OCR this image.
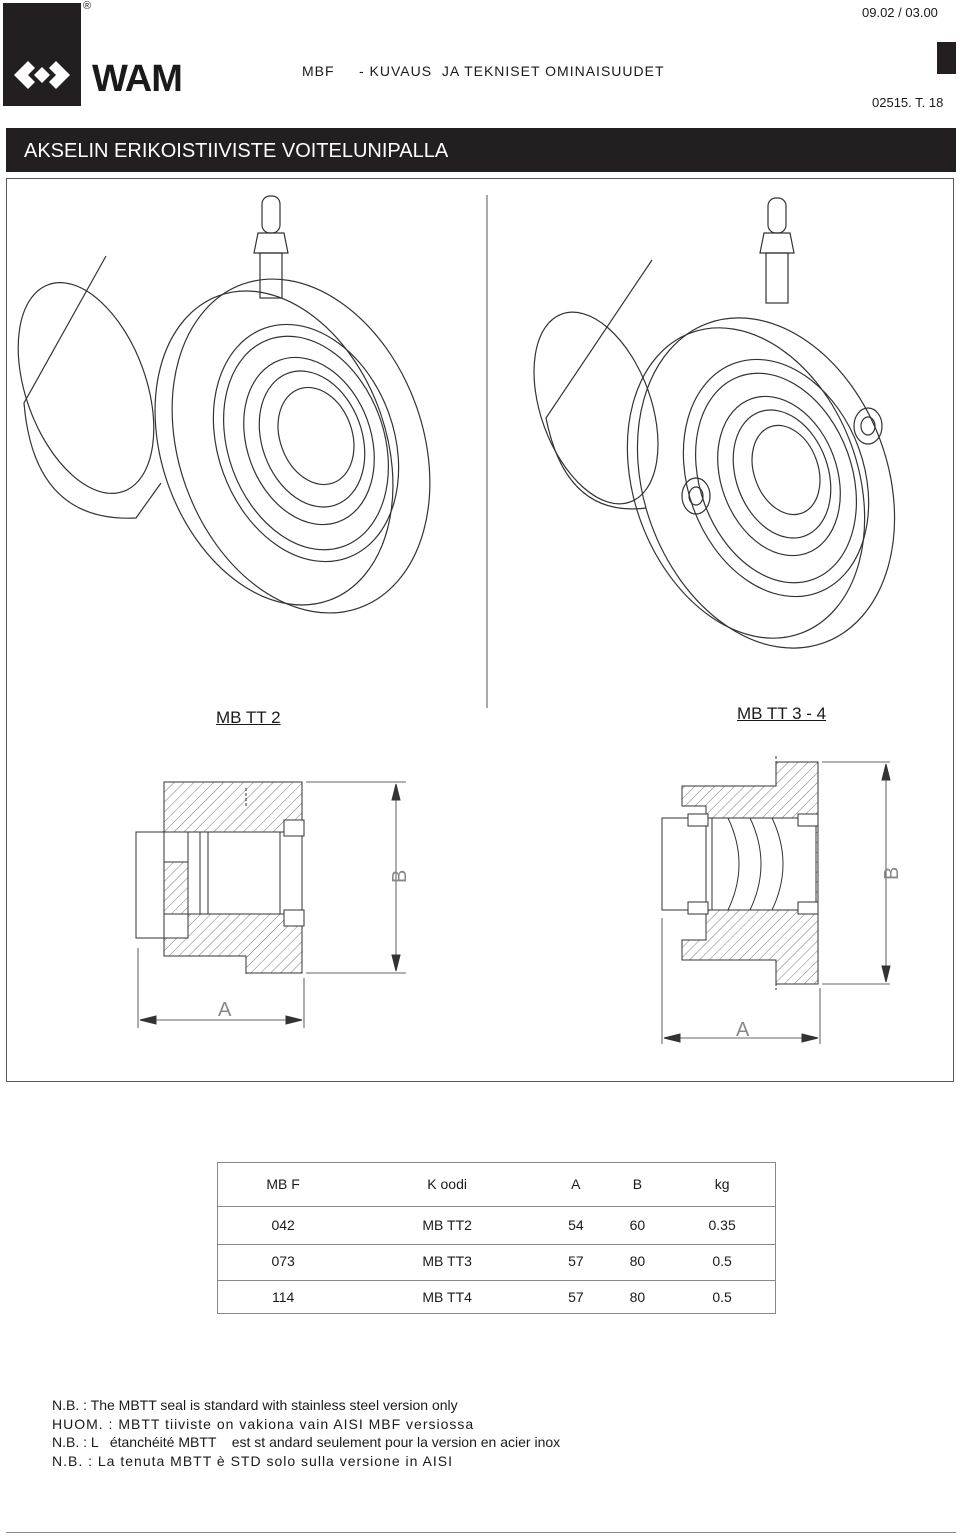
®
WAM
09.02 / 03.00
MBF     - KUVAUS  JA TEKNISET OMINAISUUDET
02515. T. 18
AKSELIN ERIKOISTIIVISTE VOITELUNIPALLA
A
B
A
B
MB TT 2	MB TT 3 - 4
MB F	K oodi	A	B	kg
042	MB TT2	54	60	0.35
073	MB TT3	57	80	0.5
114	MB TT4	57	80	0.5
N.B. : The MBTT seal is standard with stainless steel version only
HUOM. : MBTT tiiviste on vakiona vain AISI MBF versiossa
N.B. : L   étanchéité MBTT    est st andard seulement pour la version en acier inox
N.B. : La tenuta MBTT è STD solo sulla versione in AISI
